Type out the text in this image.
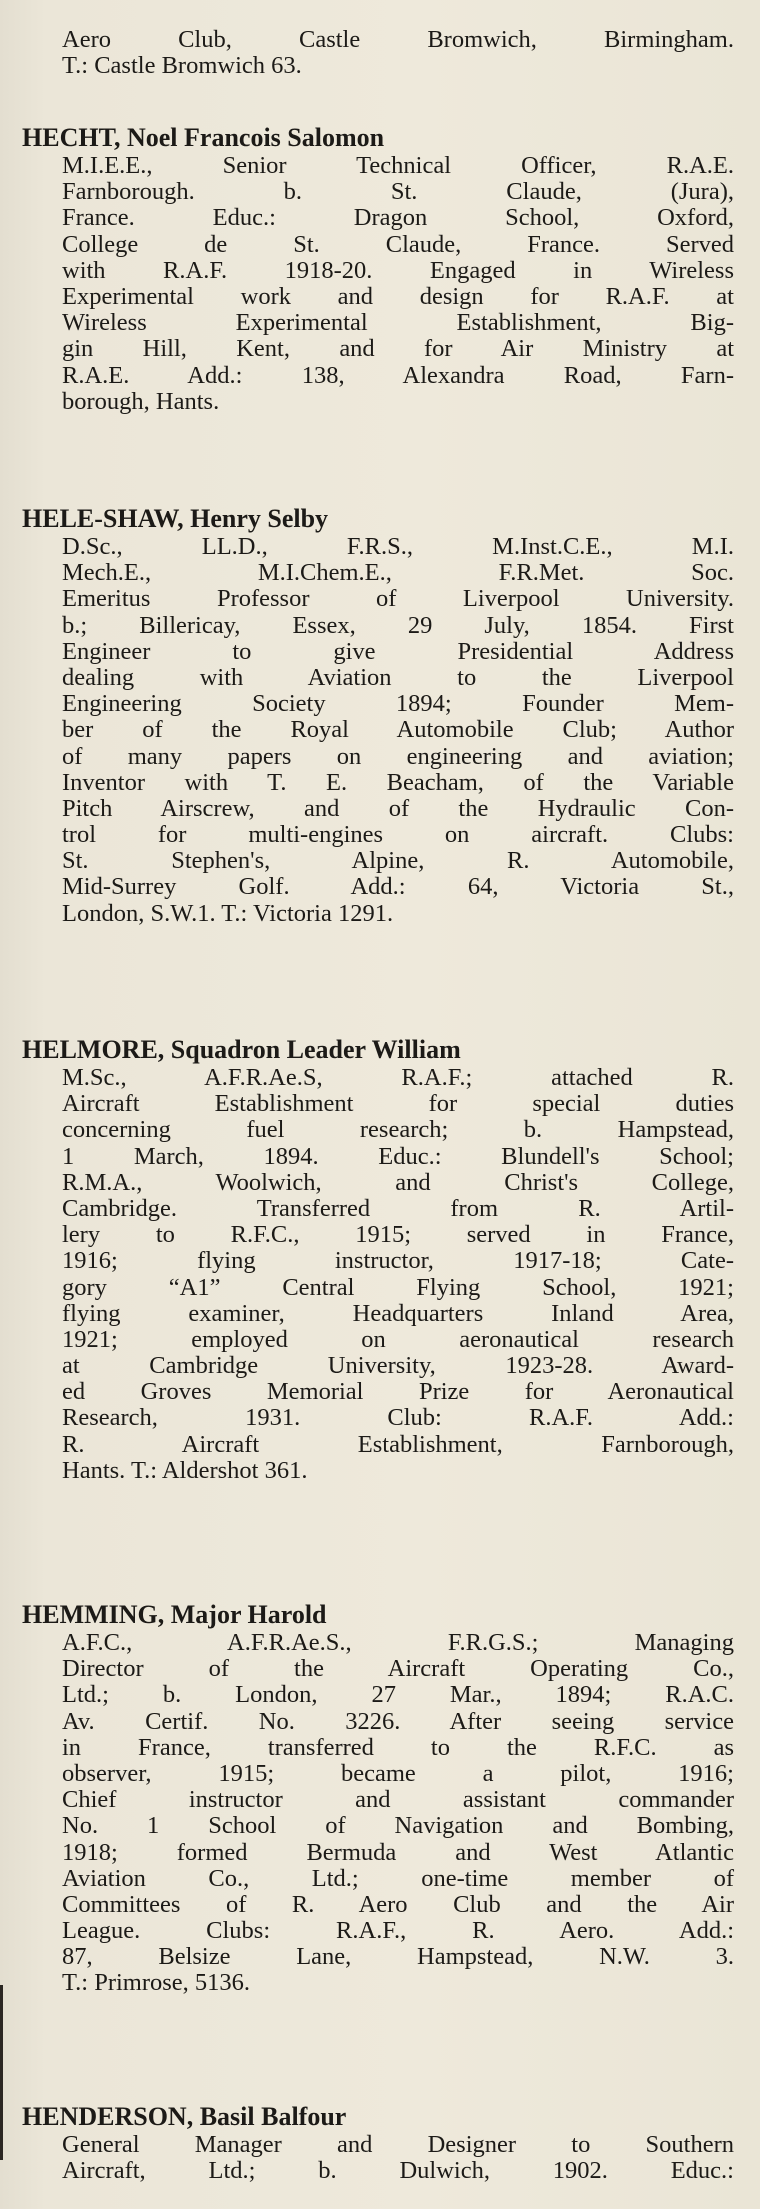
Aero Club, Castle Bromwich, Birmingham.
T.: Castle Bromwich 63.
HECHT, Noel Francois Salomon
M.I.E.E., Senior Technical Officer, R.A.E.
Farnborough. b. St. Claude, (Jura),
France. Educ.: Dragon School, Oxford,
College de St. Claude, France. Served
with R.A.F. 1918-20. Engaged in Wireless
Experimental work and design for R.A.F. at
Wireless Experimental Establishment, Big-
gin Hill, Kent, and for Air Ministry at
R.A.E. Add.: 138, Alexandra Road, Farn-
borough, Hants.
HELE-SHAW, Henry Selby
D.Sc., LL.D., F.R.S., M.Inst.C.E., M.I.
Mech.E., M.I.Chem.E., F.R.Met. Soc.
Emeritus Professor of Liverpool University.
b.; Billericay, Essex, 29 July, 1854. First
Engineer to give Presidential Address
dealing with Aviation to the Liverpool
Engineering Society 1894; Founder Mem-
ber of the Royal Automobile Club; Author
of many papers on engineering and aviation;
Inventor with T. E. Beacham, of the Variable
Pitch Airscrew, and of the Hydraulic Con-
trol for multi-engines on aircraft. Clubs:
St. Stephen's, Alpine, R. Automobile,
Mid-Surrey Golf. Add.: 64, Victoria St.,
London, S.W.1. T.: Victoria 1291.
HELMORE, Squadron Leader William
M.Sc., A.F.R.Ae.S, R.A.F.; attached R.
Aircraft Establishment for special duties
concerning fuel research; b. Hampstead,
1 March, 1894. Educ.: Blundell's School;
R.M.A., Woolwich, and Christ's College,
Cambridge. Transferred from R. Artil-
lery to R.F.C., 1915; served in France,
1916; flying instructor, 1917-18; Cate-
gory “A1” Central Flying School, 1921;
flying examiner, Headquarters Inland Area,
1921; employed on aeronautical research
at Cambridge University, 1923-28. Award-
ed Groves Memorial Prize for Aeronautical
Research, 1931. Club: R.A.F. Add.:
R. Aircraft Establishment, Farnborough,
Hants. T.: Aldershot 361.
HEMMING, Major Harold
A.F.C., A.F.R.Ae.S., F.R.G.S.; Managing
Director of the Aircraft Operating Co.,
Ltd.; b. London, 27 Mar., 1894; R.A.C.
Av. Certif. No. 3226. After seeing service
in France, transferred to the R.F.C. as
observer, 1915; became a pilot, 1916;
Chief instructor and assistant commander
No. 1 School of Navigation and Bombing,
1918; formed Bermuda and West Atlantic
Aviation Co., Ltd.; one-time member of
Committees of R. Aero Club and the Air
League. Clubs: R.A.F., R. Aero. Add.:
87, Belsize Lane, Hampstead, N.W. 3.
T.: Primrose, 5136.
HENDERSON, Basil Balfour
General Manager and Designer to Southern
Aircraft, Ltd.; b. Dulwich, 1902. Educ.:
